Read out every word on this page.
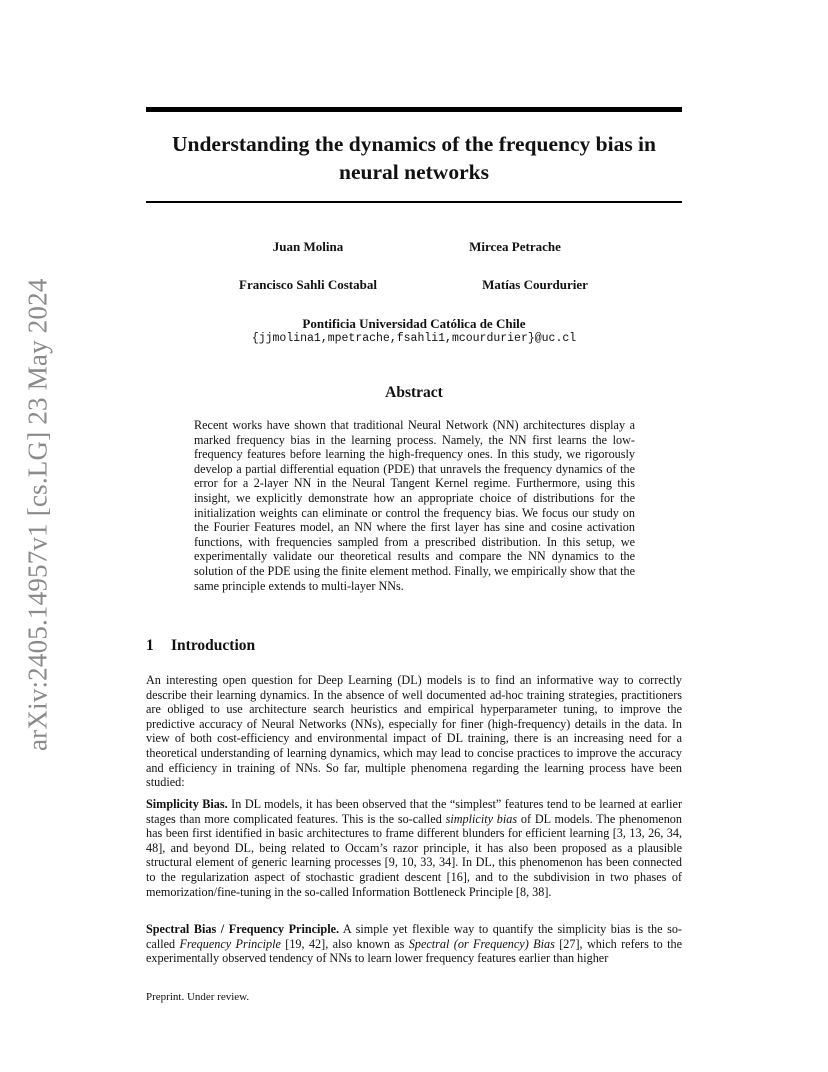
arXiv:2405.14957v1 [cs.LG] 23 May 2024
Understanding the dynamics of the frequency bias in
neural networks
Juan Molina	Mircea Petrache
Francisco Sahli Costabal	Matías Courdurier
Pontificia Universidad Católica de Chile
{jjmolina1,mpetrache,fsahli1,mcourdurier}@uc.cl
Abstract
Recent works have shown that traditional Neural Network (NN) architectures display a marked frequency bias in the learning process. Namely, the NN first learns the low-frequency features before learning the high-frequency ones. In this study, we rigorously develop a partial differential equation (PDE) that unravels the frequency dynamics of the error for a 2-layer NN in the Neural Tangent Kernel regime. Furthermore, using this insight, we explicitly demonstrate how an appropriate choice of distributions for the initialization weights can eliminate or control the frequency bias. We focus our study on the Fourier Features model, an NN where the first layer has sine and cosine activation functions, with frequencies sampled from a prescribed distribution. In this setup, we experimentally validate our theoretical results and compare the NN dynamics to the solution of the PDE using the finite element method. Finally, we empirically show that the same principle extends to multi-layer NNs.
1 Introduction
An interesting open question for Deep Learning (DL) models is to find an informative way to correctly describe their learning dynamics. In the absence of well documented ad-hoc training strategies, practitioners are obliged to use architecture search heuristics and empirical hyperparameter tuning, to improve the predictive accuracy of Neural Networks (NNs), especially for finer (high-frequency) details in the data. In view of both cost-efficiency and environmental impact of DL training, there is an increasing need for a theoretical understanding of learning dynamics, which may lead to concise practices to improve the accuracy and efficiency in training of NNs. So far, multiple phenomena regarding the learning process have been studied:
Simplicity Bias. In DL models, it has been observed that the “simplest” features tend to be learned at earlier stages than more complicated features. This is the so-called simplicity bias of DL models. The phenomenon has been first identified in basic architectures to frame different blunders for efficient learning [3, 13, 26, 34, 48], and beyond DL, being related to Occam’s razor principle, it has also been proposed as a plausible structural element of generic learning processes [9, 10, 33, 34]. In DL, this phenomenon has been connected to the regularization aspect of stochastic gradient descent [16], and to the subdivision in two phases of memorization/fine-tuning in the so-called Information Bottleneck Principle [8, 38].
Spectral Bias / Frequency Principle. A simple yet flexible way to quantify the simplicity bias is the so-called Frequency Principle [19, 42], also known as Spectral (or Frequency) Bias [27], which refers to the experimentally observed tendency of NNs to learn lower frequency features earlier than higher
Preprint. Under review.
